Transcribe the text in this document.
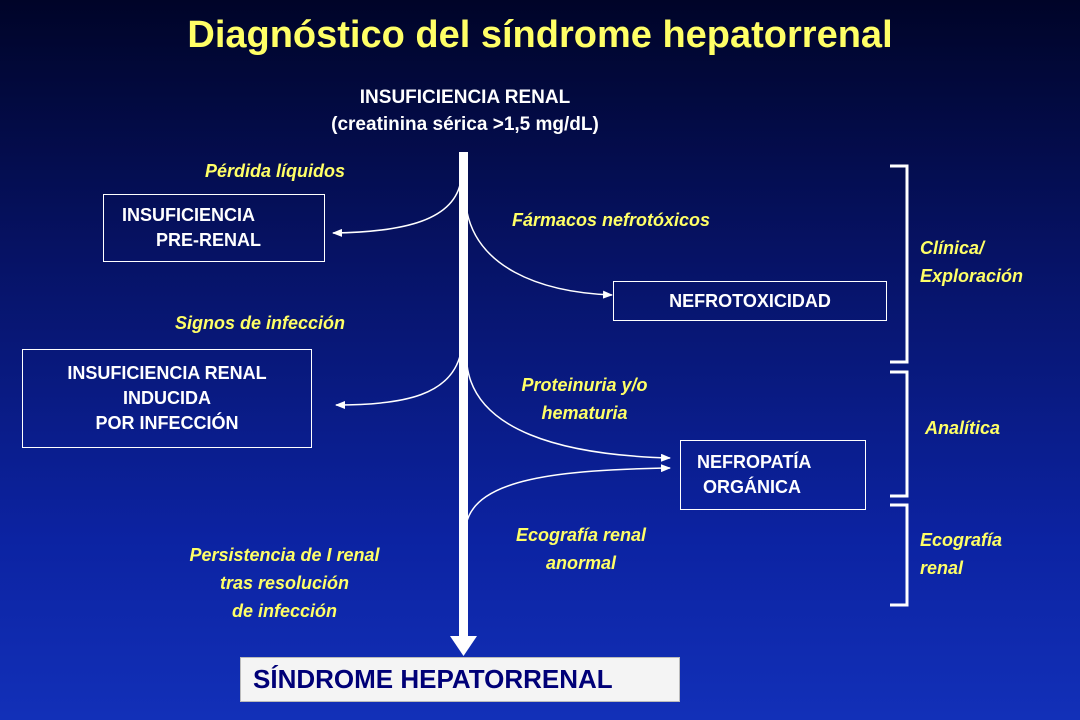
Diagnóstico del síndrome hepatorrenal
INSUFICIENCIA RENAL
(creatinina sérica >1,5 mg/dL)
Pérdida líquidos
INSUFICIENCIA
PRE-RENAL
Fármacos nefrotóxicos
NEFROTOXICIDAD
Signos de infección
INSUFICIENCIA RENAL
INDUCIDA
POR INFECCIÓN
Proteinuria y/o
hematuria
NEFROPATÍA
ORGÁNICA
Ecografía renal
anormal
Persistencia de I renal
tras resolución
de infección
Clínica/
Exploración
Analítica
Ecografía
renal
SÍNDROME HEPATORRENAL
